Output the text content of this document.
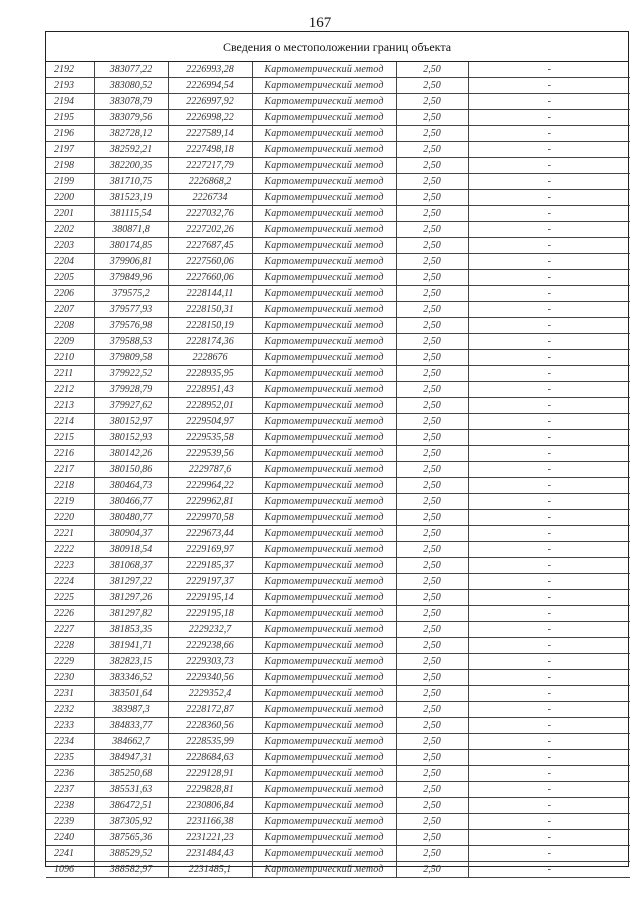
167
Сведения о местоположении границ объекта
2192	383077,22	2226993,28	Картометрический метод	2,50	-
2193	383080,52	2226994,54	Картометрический метод	2,50	-
2194	383078,79	2226997,92	Картометрический метод	2,50	-
2195	383079,56	2226998,22	Картометрический метод	2,50	-
2196	382728,12	2227589,14	Картометрический метод	2,50	-
2197	382592,21	2227498,18	Картометрический метод	2,50	-
2198	382200,35	2227217,79	Картометрический метод	2,50	-
2199	381710,75	2226868,2	Картометрический метод	2,50	-
2200	381523,19	2226734	Картометрический метод	2,50	-
2201	381115,54	2227032,76	Картометрический метод	2,50	-
2202	380871,8	2227202,26	Картометрический метод	2,50	-
2203	380174,85	2227687,45	Картометрический метод	2,50	-
2204	379906,81	2227560,06	Картометрический метод	2,50	-
2205	379849,96	2227660,06	Картометрический метод	2,50	-
2206	379575,2	2228144,11	Картометрический метод	2,50	-
2207	379577,93	2228150,31	Картометрический метод	2,50	-
2208	379576,98	2228150,19	Картометрический метод	2,50	-
2209	379588,53	2228174,36	Картометрический метод	2,50	-
2210	379809,58	2228676	Картометрический метод	2,50	-
2211	379922,52	2228935,95	Картометрический метод	2,50	-
2212	379928,79	2228951,43	Картометрический метод	2,50	-
2213	379927,62	2228952,01	Картометрический метод	2,50	-
2214	380152,97	2229504,97	Картометрический метод	2,50	-
2215	380152,93	2229535,58	Картометрический метод	2,50	-
2216	380142,26	2229539,56	Картометрический метод	2,50	-
2217	380150,86	2229787,6	Картометрический метод	2,50	-
2218	380464,73	2229964,22	Картометрический метод	2,50	-
2219	380466,77	2229962,81	Картометрический метод	2,50	-
2220	380480,77	2229970,58	Картометрический метод	2,50	-
2221	380904,37	2229673,44	Картометрический метод	2,50	-
2222	380918,54	2229169,97	Картометрический метод	2,50	-
2223	381068,37	2229185,37	Картометрический метод	2,50	-
2224	381297,22	2229197,37	Картометрический метод	2,50	-
2225	381297,26	2229195,14	Картометрический метод	2,50	-
2226	381297,82	2229195,18	Картометрический метод	2,50	-
2227	381853,35	2229232,7	Картометрический метод	2,50	-
2228	381941,71	2229238,66	Картометрический метод	2,50	-
2229	382823,15	2229303,73	Картометрический метод	2,50	-
2230	383346,52	2229340,56	Картометрический метод	2,50	-
2231	383501,64	2229352,4	Картометрический метод	2,50	-
2232	383987,3	2228172,87	Картометрический метод	2,50	-
2233	384833,77	2228360,56	Картометрический метод	2,50	-
2234	384662,7	2228535,99	Картометрический метод	2,50	-
2235	384947,31	2228684,63	Картометрический метод	2,50	-
2236	385250,68	2229128,91	Картометрический метод	2,50	-
2237	385531,63	2229828,81	Картометрический метод	2,50	-
2238	386472,51	2230806,84	Картометрический метод	2,50	-
2239	387305,92	2231166,38	Картометрический метод	2,50	-
2240	387565,36	2231221,23	Картометрический метод	2,50	-
2241	388529,52	2231484,43	Картометрический метод	2,50	-
1096	388582,97	2231485,1	Картометрический метод	2,50	-
